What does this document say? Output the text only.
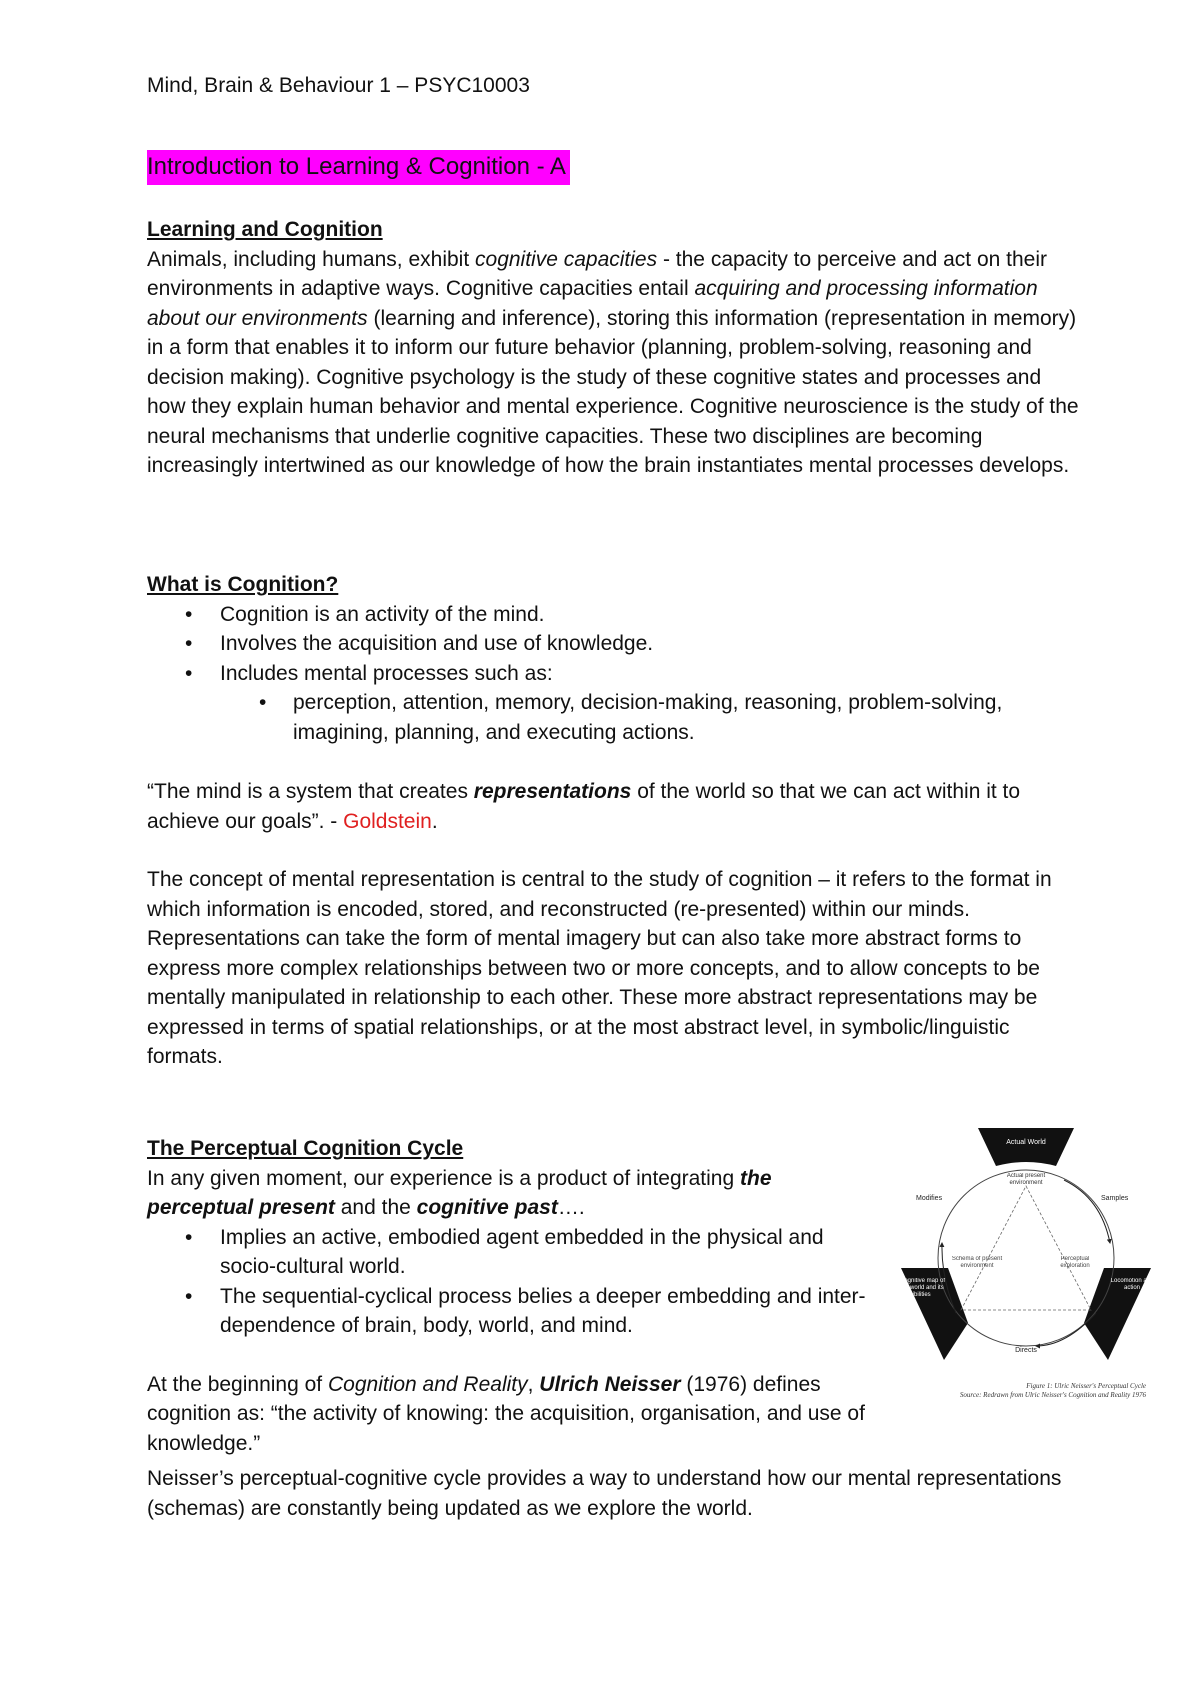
Mind, Brain & Behaviour 1 – PSYC10003
Introduction to Learning & Cognition - A
Learning and Cognition

Animals, including humans, exhibit cognitive capacities - the capacity to perceive and act on their environments in adaptive ways. Cognitive capacities entail acquiring and processing information about our environments (learning and inference), storing this information (representation in memory) in a form that enables it to inform our future behavior (planning, problem-solving, reasoning and decision making). Cognitive psychology is the study of these cognitive states and processes and how they explain human behavior and mental experience. Cognitive neuroscience is the study of the neural mechanisms that underlie cognitive capacities. These two disciplines are becoming increasingly intertwined as our knowledge of how the brain instantiates mental processes develops.

What is Cognition?
• Cognition is an activity of the mind.
• Involves the acquisition and use of knowledge.
• Includes mental processes such as:
• perception, attention, memory, decision-making, reasoning, problem-solving, imagining, planning, and executing actions.

“The mind is a system that creates representations of the world so that we can act within it to achieve our goals”. - Goldstein.

The concept of mental representation is central to the study of cognition – it refers to the format in which information is encoded, stored, and reconstructed (re-presented) within our minds. Representations can take the form of mental imagery but can also take more abstract forms to express more complex relationships between two or more concepts, and to allow concepts to be mentally manipulated in relationship to each other. These more abstract representations may be expressed in terms of spatial relationships, or at the most abstract level, in symbolic/linguistic formats.

The Perceptual Cognition Cycle

In any given moment, our experience is a product of integrating the perceptual present and the cognitive past….

• Implies an active, embodied agent embedded in the physical and socio-cultural world.
• The sequential-cyclical process belies a deeper embedding and inter-dependence of brain, body, world, and mind.

At the beginning of Cognition and Reality, Ulrich Neisser (1976) defines cognition as: “the activity of knowing: the acquisition, organisation, and use of knowledge.”

Neisser’s perceptual-cognitive cycle provides a way to understand how our mental representations (schemas) are constantly being updated as we explore the world.
Actual World
Actual present environment
Modifies	Samples
Directs
Cognitive map of the world and its possibilities
Locomotion and action
Schema of present environment
Perceptual exploration
Figure 1: Ulric Neisser's Perceptual Cycle
Source: Redrawn from Ulric Neisser's Cognition and Reality 1976
